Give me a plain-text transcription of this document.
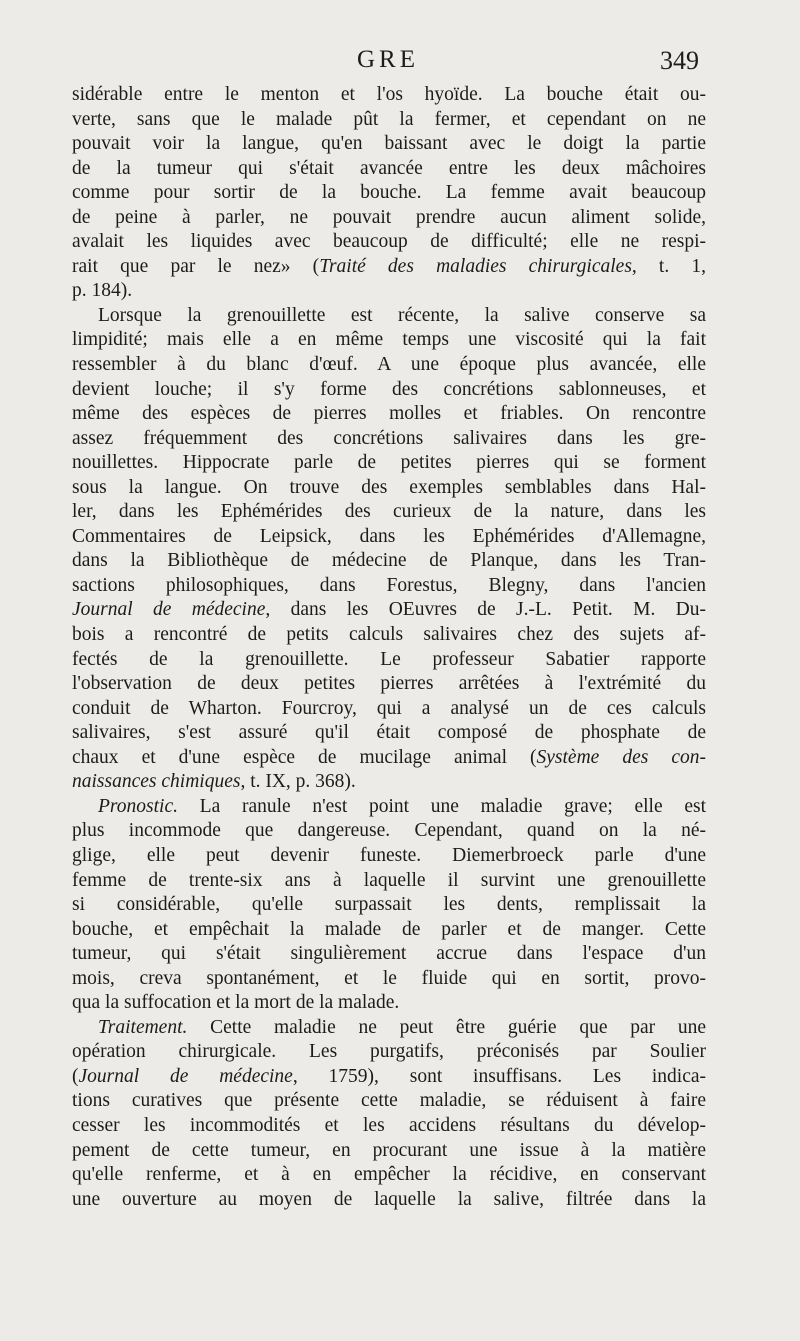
GRE	349
sidérable entre le menton et l'os hyoïde. La bouche était ou-
verte, sans que le malade pût la fermer, et cependant on ne
pouvait voir la langue, qu'en baissant avec le doigt la partie
de la tumeur qui s'était avancée entre les deux mâchoires
comme pour sortir de la bouche. La femme avait beaucoup
de peine à parler, ne pouvait prendre aucun aliment solide,
avalait les liquides avec beaucoup de difficulté; elle ne respi-
rait que par le nez» (Traité des maladies chirurgicales, t. 1,
p. 184).
Lorsque la grenouillette est récente, la salive conserve sa
limpidité; mais elle a en même temps une viscosité qui la fait
ressembler à du blanc d'œuf. A une époque plus avancée, elle
devient louche; il s'y forme des concrétions sablonneuses, et
même des espèces de pierres molles et friables. On rencontre
assez fréquemment des concrétions salivaires dans les gre-
nouillettes. Hippocrate parle de petites pierres qui se forment
sous la langue. On trouve des exemples semblables dans Hal-
ler, dans les Ephémérides des curieux de la nature, dans les
Commentaires de Leipsick, dans les Ephémérides d'Allemagne,
dans la Bibliothèque de médecine de Planque, dans les Tran-
sactions philosophiques, dans Forestus, Blegny, dans l'ancien
Journal de médecine, dans les OEuvres de J.-L. Petit. M. Du-
bois a rencontré de petits calculs salivaires chez des sujets af-
fectés de la grenouillette. Le professeur Sabatier rapporte
l'observation de deux petites pierres arrêtées à l'extrémité du
conduit de Wharton. Fourcroy, qui a analysé un de ces calculs
salivaires, s'est assuré qu'il était composé de phosphate de
chaux et d'une espèce de mucilage animal (Système des con-
naissances chimiques, t. IX, p. 368).
Pronostic. La ranule n'est point une maladie grave; elle est
plus incommode que dangereuse. Cependant, quand on la né-
glige, elle peut devenir funeste. Diemerbroeck parle d'une
femme de trente-six ans à laquelle il survint une grenouillette
si considérable, qu'elle surpassait les dents, remplissait la
bouche, et empêchait la malade de parler et de manger. Cette
tumeur, qui s'était singulièrement accrue dans l'espace d'un
mois, creva spontanément, et le fluide qui en sortit, provo-
qua la suffocation et la mort de la malade.
Traitement. Cette maladie ne peut être guérie que par une
opération chirurgicale. Les purgatifs, préconisés par Soulier
(Journal de médecine, 1759), sont insuffisans. Les indica-
tions curatives que présente cette maladie, se réduisent à faire
cesser les incommodités et les accidens résultans du dévelop-
pement de cette tumeur, en procurant une issue à la matière
qu'elle renferme, et à en empêcher la récidive, en conservant
une ouverture au moyen de laquelle la salive, filtrée dans la
